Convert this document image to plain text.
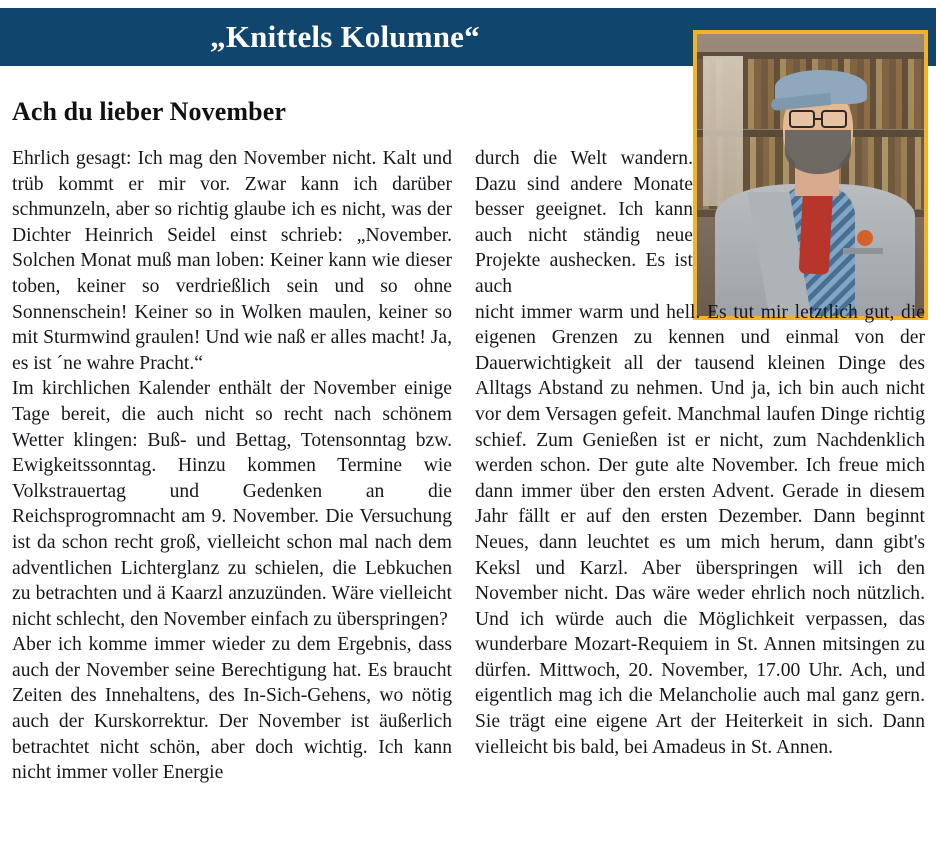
„Knittels Kolumne“
Ach du lieber November

Ehrlich gesagt: Ich mag den November nicht. Kalt und trüb kommt er mir vor. Zwar kann ich darüber schmunzeln, aber so richtig glaube ich es nicht, was der Dichter Heinrich Seidel einst schrieb: „November. Solchen Monat muß man loben: Keiner kann wie dieser toben, keiner so verdrießlich sein und so ohne Sonnenschein! Keiner so in Wolken maulen, keiner so mit Sturmwind graulen! Und wie naß er alles macht! Ja, es ist ´ne wahre Pracht.“

Im kirchlichen Kalender enthält der November einige Tage bereit, die auch nicht so recht nach schönem Wetter klingen: Buß- und Bettag, Totensonntag bzw. Ewigkeitssonntag. Hinzu kommen Termine wie Volkstrauertag und Gedenken an die Reichsprogromnacht am 9. November. Die Versuchung ist da schon recht groß, vielleicht schon mal nach dem adventlichen Lichterglanz zu schielen, die Lebkuchen zu betrachten und ä Kaarzl anzuzünden. Wäre vielleicht nicht schlecht, den November einfach zu überspringen?

Aber ich komme immer wieder zu dem Ergebnis, dass auch der November seine Berechtigung hat. Es braucht Zeiten des Innehaltens, des In-Sich-Gehens, wo nötig auch der Kurskorrektur. Der November ist äußerlich betrachtet nicht schön, aber doch wichtig. Ich kann nicht immer voller Energie

durch die Welt wandern. Dazu sind andere Monate besser geeignet. Ich kann auch nicht ständig neue Projekte aushecken. Es ist auch

nicht immer warm und hell. Es tut mir letztlich gut, die eigenen Grenzen zu kennen und einmal von der Dauerwichtigkeit all der tausend kleinen Dinge des Alltags Abstand zu nehmen. Und ja, ich bin auch nicht vor dem Versagen gefeit. Manchmal laufen Dinge richtig schief. Zum Genießen ist er nicht, zum Nachdenklich werden schon. Der gute alte November. Ich freue mich dann immer über den ersten Advent. Gerade in diesem Jahr fällt er auf den ersten Dezember. Dann beginnt Neues, dann leuchtet es um mich herum, dann gibt's Keksl und Karzl. Aber überspringen will ich den November nicht. Das wäre weder ehrlich noch nützlich. Und ich würde auch die Möglichkeit verpassen, das wunderbare Mozart-Requiem in St. Annen mitsingen zu dürfen. Mittwoch, 20. November, 17.00 Uhr. Ach, und eigentlich mag ich die Melancholie auch mal ganz gern. Sie trägt eine eigene Art der Heiterkeit in sich. Dann vielleicht bis bald, bei Amadeus in St. Annen.
